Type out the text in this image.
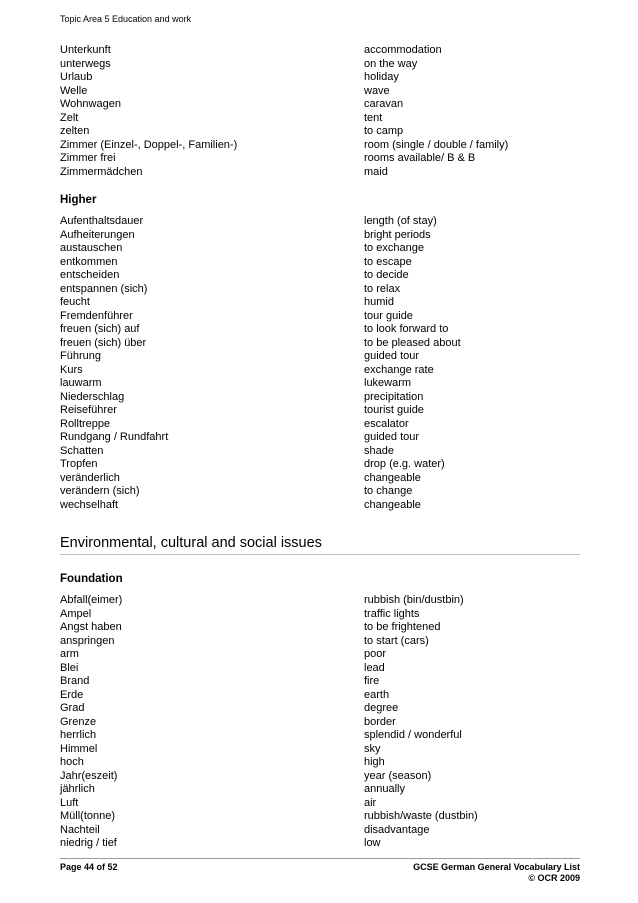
Topic Area 5 Education and work
Unterkunft	accommodation
unterwegs	on the way
Urlaub	holiday
Welle	wave
Wohnwagen	caravan
Zelt	tent
zelten	to camp
Zimmer (Einzel-, Doppel-, Familien-)	room (single / double / family)
Zimmer frei	rooms available/ B & B
Zimmermädchen	maid
Higher
Aufenthaltsdauer	length (of stay)
Aufheiterungen	bright periods
austauschen	to exchange
entkommen	to escape
entscheiden	to decide
entspannen (sich)	to relax
feucht	humid
Fremdenführer	tour guide
freuen (sich) auf	to look forward to
freuen (sich) über	to be pleased about
Führung	guided tour
Kurs	exchange rate
lauwarm	lukewarm
Niederschlag	precipitation
Reiseführer	tourist guide
Rolltreppe	escalator
Rundgang / Rundfahrt	guided tour
Schatten	shade
Tropfen	drop (e.g. water)
veränderlich	changeable
verändern (sich)	to change
wechselhaft	changeable
Environmental, cultural and social issues
Foundation
Abfall(eimer)	rubbish (bin/dustbin)
Ampel	traffic lights
Angst haben	to be frightened
anspringen	to start (cars)
arm	poor
Blei	lead
Brand	fire
Erde	earth
Grad	degree
Grenze	border
herrlich	splendid / wonderful
Himmel	sky
hoch	high
Jahr(eszeit)	year (season)
jährlich	annually
Luft	air
Müll(tonne)	rubbish/waste (dustbin)
Nachteil	disadvantage
niedrig / tief	low
Page 44 of 52	GCSE German General Vocabulary List
© OCR 2009
